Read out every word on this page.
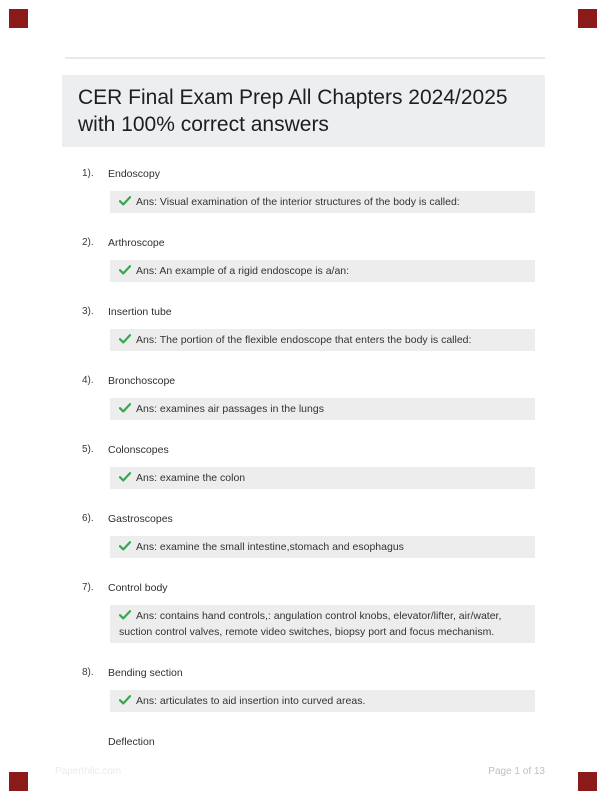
CER Final Exam Prep All Chapters 2024/2025 with 100% correct answers
1).	Endoscopy
Ans: Visual examination of the interior structures of the body is called:
2).	Arthroscope
Ans: An example of a rigid endoscope is a/an:
3).	Insertion tube
Ans: The portion of the flexible endoscope that enters the body is called:
4).	Bronchoscope
Ans: examines air passages in the lungs
5).	Colonscopes
Ans: examine the colon
6).	Gastroscopes
Ans: examine the small intestine,stomach and esophagus
7).	Control body
Ans: contains hand controls,: angulation control knobs, elevator/lifter, air/water, suction control valves, remote video switches, biopsy port and focus mechanism.
8).	Bending section
Ans: articulates to aid insertion into curved areas.
Deflection
Paperthlic.com	Page 1 of 13
